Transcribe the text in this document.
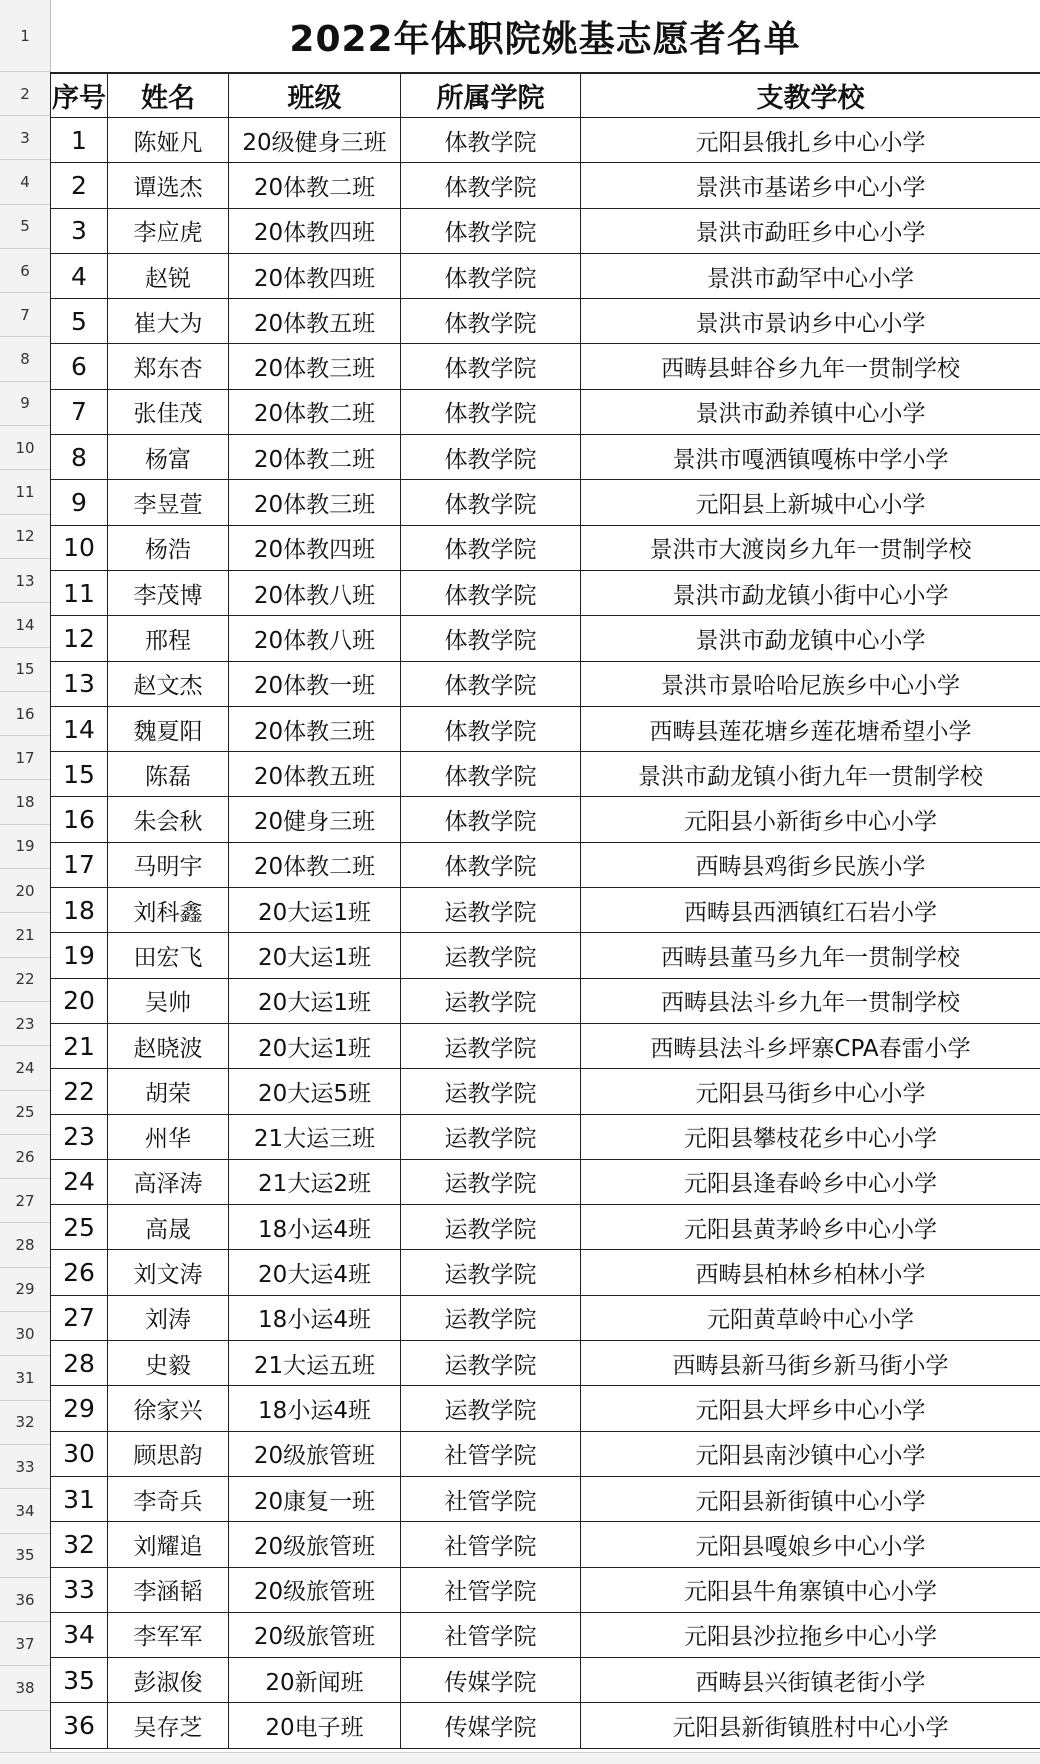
1
2
3
4
5
6
7
8
9
10
11
12
13
14
15
16
17
18
19
20
21
22
23
24
25
26
27
28
29
30
31
32
33
34
35
36
37
38
2022年体职院姚基志愿者名单
序号	姓名	班级	所属学院	支教学校
1	陈娅凡	20级健身三班	体教学院	元阳县俄扎乡中心小学
2	谭选杰	20体教二班	体教学院	景洪市基诺乡中心小学
3	李应虎	20体教四班	体教学院	景洪市勐旺乡中心小学
4	赵锐	20体教四班	体教学院	景洪市勐罕中心小学
5	崔大为	20体教五班	体教学院	景洪市景讷乡中心小学
6	郑东杏	20体教三班	体教学院	西畴县蚌谷乡九年一贯制学校
7	张佳茂	20体教二班	体教学院	景洪市勐养镇中心小学
8	杨富	20体教二班	体教学院	景洪市嘎洒镇嘎栋中学小学
9	李昱萱	20体教三班	体教学院	元阳县上新城中心小学
10	杨浩	20体教四班	体教学院	景洪市大渡岗乡九年一贯制学校
11	李茂博	20体教八班	体教学院	景洪市勐龙镇小街中心小学
12	邢程	20体教八班	体教学院	景洪市勐龙镇中心小学
13	赵文杰	20体教一班	体教学院	景洪市景哈哈尼族乡中心小学
14	魏夏阳	20体教三班	体教学院	西畴县莲花塘乡莲花塘希望小学
15	陈磊	20体教五班	体教学院	景洪市勐龙镇小街九年一贯制学校
16	朱会秋	20健身三班	体教学院	元阳县小新街乡中心小学
17	马明宇	20体教二班	体教学院	西畴县鸡街乡民族小学
18	刘科鑫	20大运1班	运教学院	西畴县西洒镇红石岩小学
19	田宏飞	20大运1班	运教学院	西畴县董马乡九年一贯制学校
20	吴帅	20大运1班	运教学院	西畴县法斗乡九年一贯制学校
21	赵晓波	20大运1班	运教学院	西畴县法斗乡坪寨CPA春雷小学
22	胡荣	20大运5班	运教学院	元阳县马街乡中心小学
23	州华	21大运三班	运教学院	元阳县攀枝花乡中心小学
24	高泽涛	21大运2班	运教学院	元阳县逢春岭乡中心小学
25	高晟	18小运4班	运教学院	元阳县黄茅岭乡中心小学
26	刘文涛	20大运4班	运教学院	西畴县柏林乡柏林小学
27	刘涛	18小运4班	运教学院	元阳黄草岭中心小学
28	史毅	21大运五班	运教学院	西畴县新马街乡新马街小学
29	徐家兴	18小运4班	运教学院	元阳县大坪乡中心小学
30	顾思韵	20级旅管班	社管学院	元阳县南沙镇中心小学
31	李奇兵	20康复一班	社管学院	元阳县新街镇中心小学
32	刘耀追	20级旅管班	社管学院	元阳县嘎娘乡中心小学
33	李涵韬	20级旅管班	社管学院	元阳县牛角寨镇中心小学
34	李军军	20级旅管班	社管学院	元阳县沙拉拖乡中心小学
35	彭淑俊	20新闻班	传媒学院	西畴县兴街镇老街小学
36	吴存芝	20电子班	传媒学院	元阳县新街镇胜村中心小学
